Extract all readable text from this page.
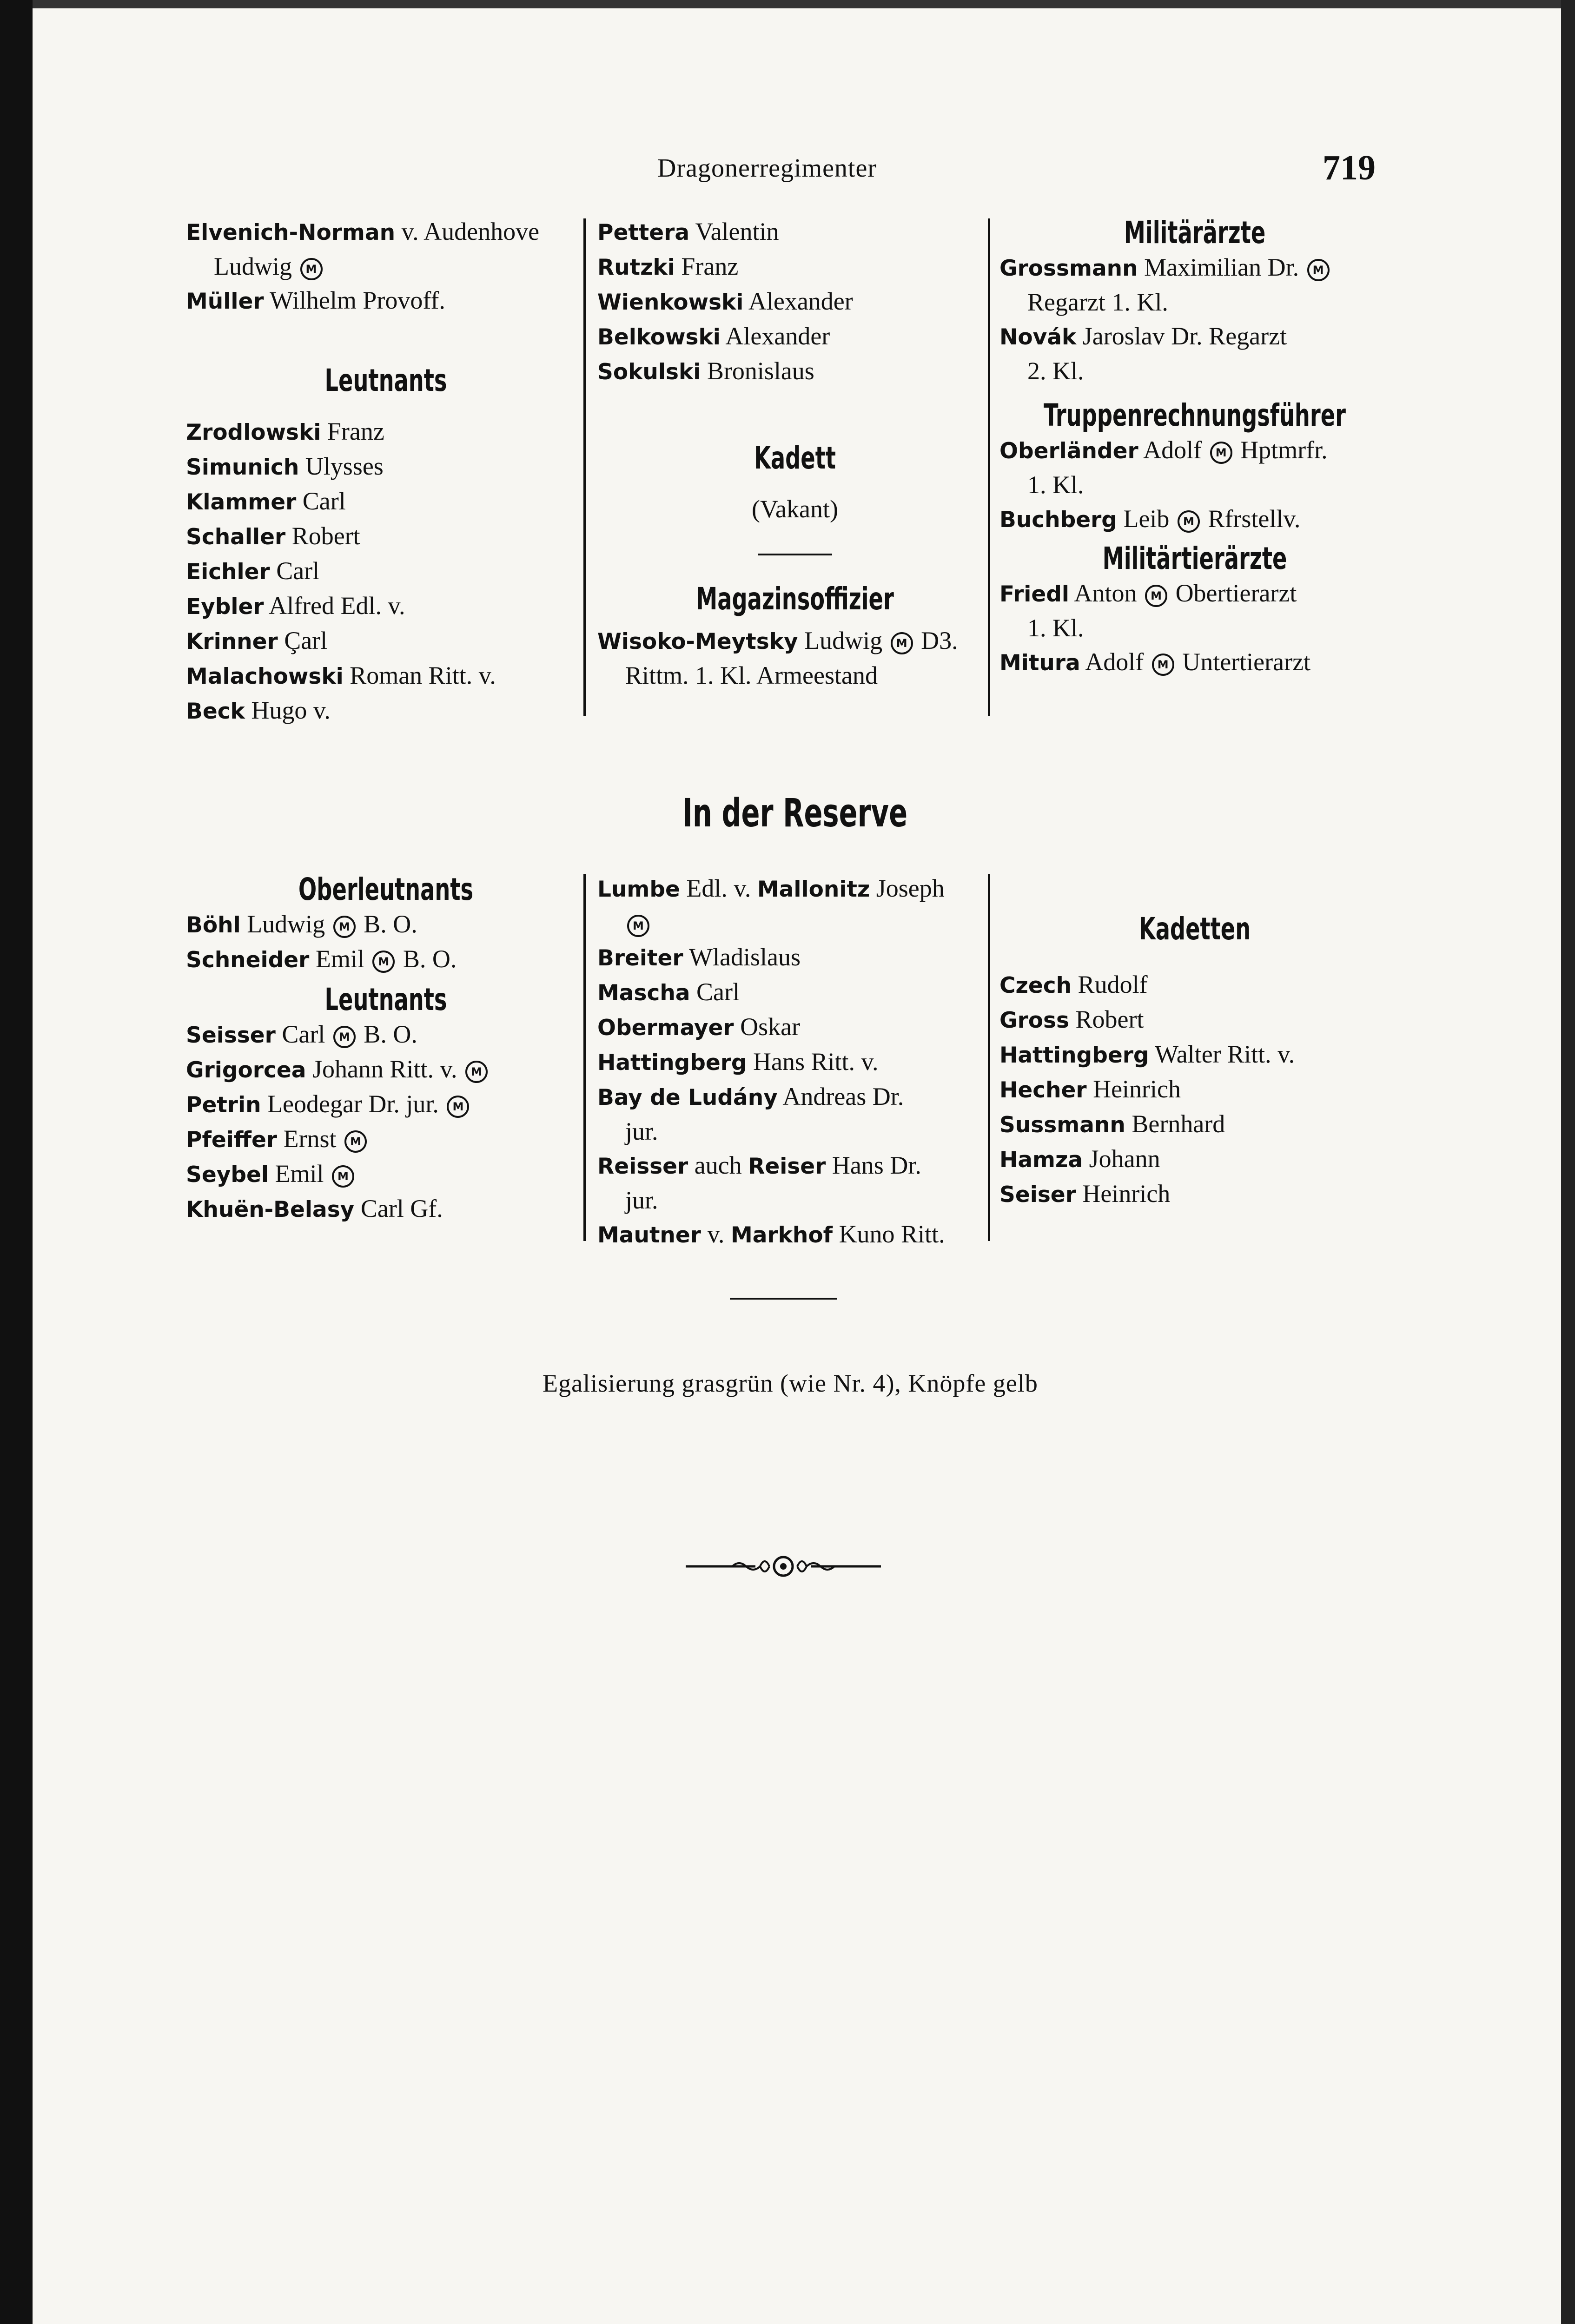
Dragonerregimenter	719
Elvenich-Norman v. Audenhove
Ludwig M
Müller Wilhelm Provoff.
Leutnants
Zrodlowski Franz
Simunich Ulysses
Klammer Carl
Schaller Robert
Eichler Carl
Eybler Alfred Edl. v.
Krinner Çarl
Malachowski Roman Ritt. v.
Beck Hugo v.
Pettera Valentin
Rutzki Franz
Wienkowski Alexander
Belkowski Alexander
Sokulski Bronislaus
Kadett
(Vakant)
Magazinsoffizier
Wisoko-Meytsky Ludwig M D3.
Rittm. 1. Kl. Armeestand
Militärärzte
Grossmann Maximilian Dr. M
Regarzt 1. Kl.
Novák Jaroslav Dr. Regarzt
2. Kl.
Truppenrechnungsführer
Oberländer Adolf M Hptmrfr.
1. Kl.
Buchberg Leib M Rfrstellv.
Militärtierärzte
Friedl Anton M Obertierarzt
1. Kl.
Mitura Adolf M Untertierarzt
In der Reserve
Oberleutnants
Böhl Ludwig M B. O.
Schneider Emil M B. O.
Leutnants
Seisser Carl M B. O.
Grigorcea Johann Ritt. v. M
Petrin Leodegar Dr. jur. M
Pfeiffer Ernst M
Seybel Emil M
Khuën-Belasy Carl Gf.
Lumbe Edl. v. Mallonitz Joseph
M
Breiter Wladislaus
Mascha Carl
Obermayer Oskar
Hattingberg Hans Ritt. v.
Bay de Ludány Andreas Dr.
jur.
Reisser auch Reiser Hans Dr.
jur.
Mautner v. Markhof Kuno Ritt.
Kadetten
Czech Rudolf
Gross Robert
Hattingberg Walter Ritt. v.
Hecher Heinrich
Sussmann Bernhard
Hamza Johann
Seiser Heinrich
Egalisierung grasgrün (wie Nr. 4), Knöpfe gelb
